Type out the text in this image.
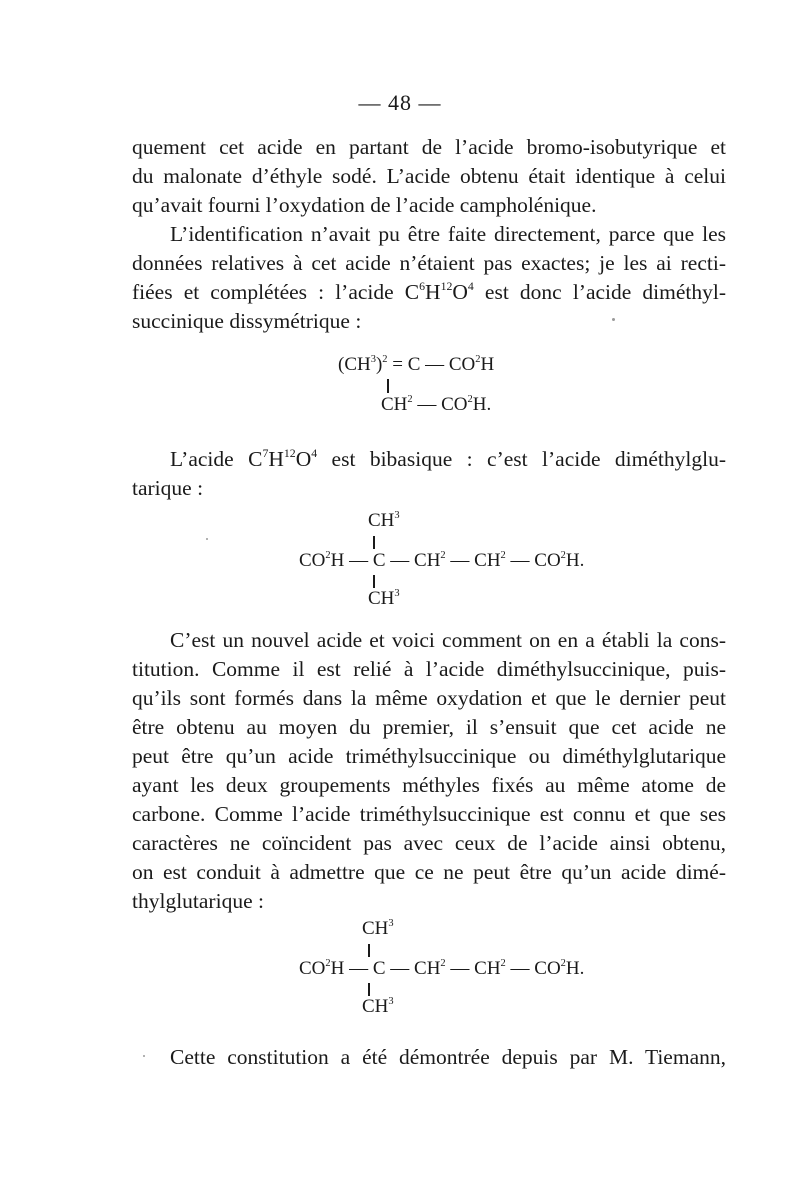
— 48 —
quement cet acide en partant de l’acide bromo-isobutyrique et
du malonate d’éthyle sodé. L’acide obtenu était identique à celui
qu’avait fourni l’oxydation de l’acide campholénique.
L’identification n’avait pu être faite directement, parce que les
données relatives à cet acide n’étaient pas exactes; je les ai recti-
fiées et complétées : l’acide $C^6H^{12}O^4$ est donc l’acide diméthyl-
succinique dissymétrique :
$(CH^3)^2 = C$ — $CO^2H$
$CH^2$ — $CO^2H$.
L’acide $C^7H^{12}O^4$ est bibasique : c’est l’acide diméthylglu-
tarique :
$CH^3$
$CO^2H$ — C — $CH^2$ — $CH^2$ — $CO^2H$.
$CH^3$
C’est un nouvel acide et voici comment on en a établi la cons-
titution. Comme il est relié à l’acide diméthylsuccinique, puis-
qu’ils sont formés dans la même oxydation et que le dernier peut
être obtenu au moyen du premier, il s’ensuit que cet acide ne
peut être qu’un acide triméthylsuccinique ou diméthylglutarique
ayant les deux groupements méthyles fixés au même atome de
carbone. Comme l’acide triméthylsuccinique est connu et que ses
caractères ne coïncident pas avec ceux de l’acide ainsi obtenu,
on est conduit à admettre que ce ne peut être qu’un acide dimé-
thylglutarique :
$CH^3$
$CO^2H$ — C — $CH^2$ — $CH^2$ — $CO^2H$.
$CH^3$
Cette constitution a été démontrée depuis par M. Tiemann,
